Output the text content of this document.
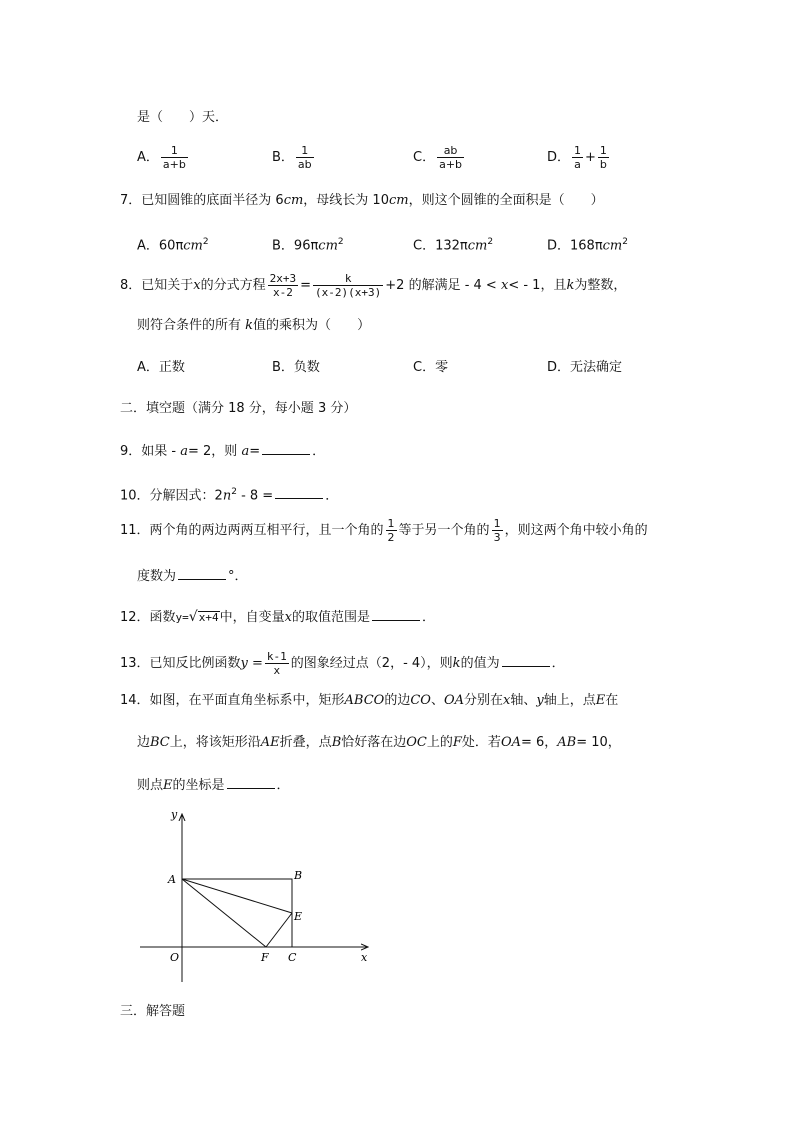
是（ ）天．
A． $\frac{1}{a+b}$	B． $\frac{1}{ab}$	C． $\frac{ab}{a+b}$	D． $\frac{1}{a} + \frac{1}{b}$
7．已知圆锥的底面半径为 6cm，母线长为 10cm，则这个圆锥的全面积是（ ）
A．60πcm$^2$	B．96πcm$^2$	C．132πcm$^2$	D．168πcm$^2$
8．已知关于x的分式方程 $\frac{2x+3}{x-2} = \frac{k}{(x-2)(x+3)} +2$ 的解满足 - 4 < x< - 1，且k为整数，
则符合条件的所有 k值的乘积为（ ）
A．正数	B．负数	C．零	D．无法确定
二．填空题（满分 18 分，每小题 3 分）
9．如果 - a= 2，则 a=	．
10．分解因式：$2n^2 - 8$ =	．
11．两个角的两边两两互相平行，且一个角的 $\frac{1}{2}$ 等于另一个角的 $\frac{1}{3}$ ，则这两个角中较小角的
度数为	°．
12．函数y=√x+4中，自变量x的取值范围是	．
13．已知反比例函数$y = \frac{k-1}{x}$ 的图象经过点（2，- 4），则k的值为	．
14．如图，在平面直角坐标系中，矩形ABCO的边CO、OA分别在x轴、y轴上，点E在
边BC上，将该矩形沿AE折叠，点B恰好落在边OC上的F处．若OA= 6，AB= 10，
则点E的坐标是	．
y
x
A	B
E
O	F C
三．解答题
